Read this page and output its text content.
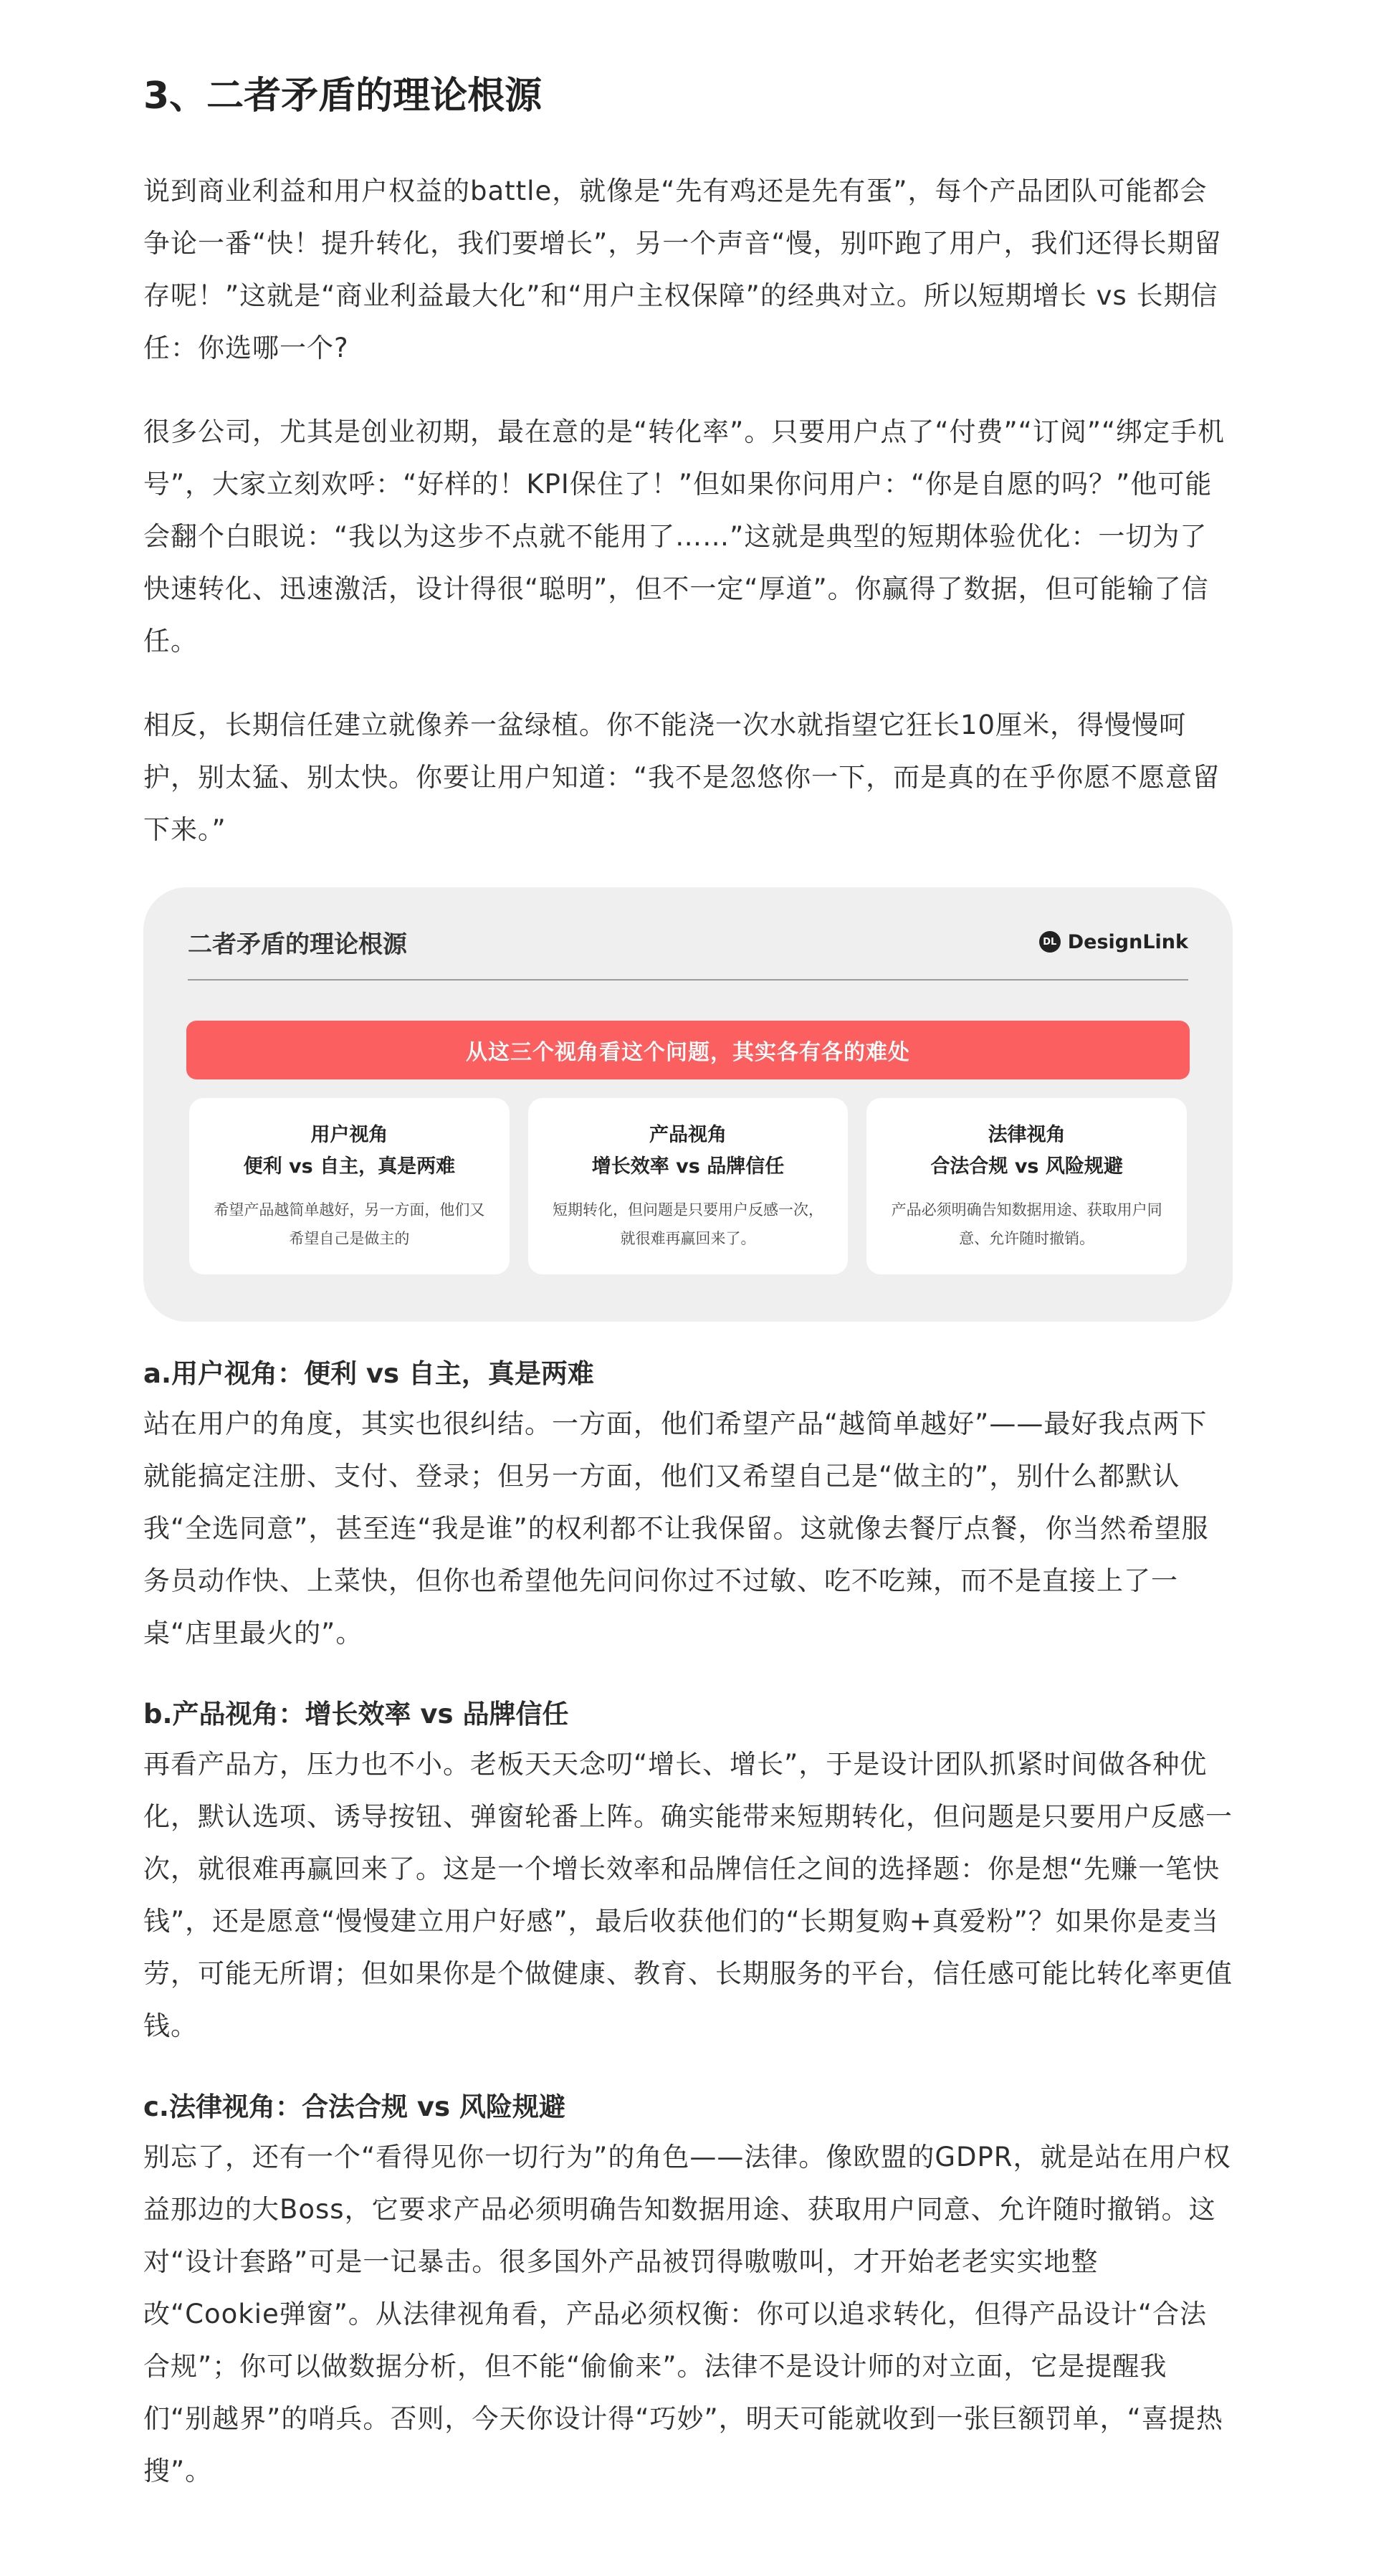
3、二者矛盾的理论根源

说到商业利益和用户权益的battle，就像是“先有鸡还是先有蛋”，每个产品团队可能都会争论一番“快！提升转化，我们要增长”，另一个声音“慢，别吓跑了用户，我们还得长期留存呢！”这就是“商业利益最大化”和“用户主权保障”的经典对立。所以短期增长 vs 长期信任：你选哪一个?

很多公司，尤其是创业初期，最在意的是“转化率”。只要用户点了“付费”“订阅”“绑定手机号”，大家立刻欢呼：“好样的！KPI保住了！”但如果你问用户：“你是自愿的吗？”他可能会翻个白眼说：“我以为这步不点就不能用了……”这就是典型的短期体验优化：一切为了快速转化、迅速激活，设计得很“聪明”，但不一定“厚道”。你赢得了数据，但可能输了信任。

相反，长期信任建立就像养一盆绿植。你不能浇一次水就指望它狂长10厘米，得慢慢呵护，别太猛、别太快。你要让用户知道：“我不是忽悠你一下，而是真的在乎你愿不愿意留下来。”

二者矛盾的理论根源	DL DesignLink
从这三个视角看这个问题，其实各有各的难处
用户视角
便利 vs 自主，真是两难
希望产品越简单越好，另一方面，他们又希望自己是做主的
产品视角
增长效率 vs 品牌信任
短期转化，但问题是只要用户反感一次，就很难再赢回来了。
法律视角
合法合规 vs 风险规避
产品必须明确告知数据用途、获取用户同意、允许随时撤销。
a.用户视角：便利 vs 自主，真是两难

站在用户的角度，其实也很纠结。一方面，他们希望产品“越简单越好”——最好我点两下就能搞定注册、支付、登录；但另一方面，他们又希望自己是“做主的”，别什么都默认我“全选同意”，甚至连“我是谁”的权利都不让我保留。这就像去餐厅点餐，你当然希望服务员动作快、上菜快，但你也希望他先问问你过不过敏、吃不吃辣，而不是直接上了一桌“店里最火的”。

b.产品视角：增长效率 vs 品牌信任

再看产品方，压力也不小。老板天天念叨“增长、增长”，于是设计团队抓紧时间做各种优化，默认选项、诱导按钮、弹窗轮番上阵。确实能带来短期转化，但问题是只要用户反感一次，就很难再赢回来了。这是一个增长效率和品牌信任之间的选择题：你是想“先赚一笔快钱”，还是愿意“慢慢建立用户好感”，最后收获他们的“长期复购+真爱粉”？如果你是麦当劳，可能无所谓；但如果你是个做健康、教育、长期服务的平台，信任感可能比转化率更值钱。

c.法律视角：合法合规 vs 风险规避

别忘了，还有一个“看得见你一切行为”的角色——法律。像欧盟的GDPR，就是站在用户权益那边的大Boss，它要求产品必须明确告知数据用途、获取用户同意、允许随时撤销。这对“设计套路”可是一记暴击。很多国外产品被罚得嗷嗷叫，才开始老老实实地整改“Cookie弹窗”。从法律视角看，产品必须权衡：你可以追求转化，但得产品设计“合法合规”；你可以做数据分析，但不能“偷偷来”。法律不是设计师的对立面，它是提醒我们“别越界”的哨兵。否则，今天你设计得“巧妙”，明天可能就收到一张巨额罚单，“喜提热搜”。
